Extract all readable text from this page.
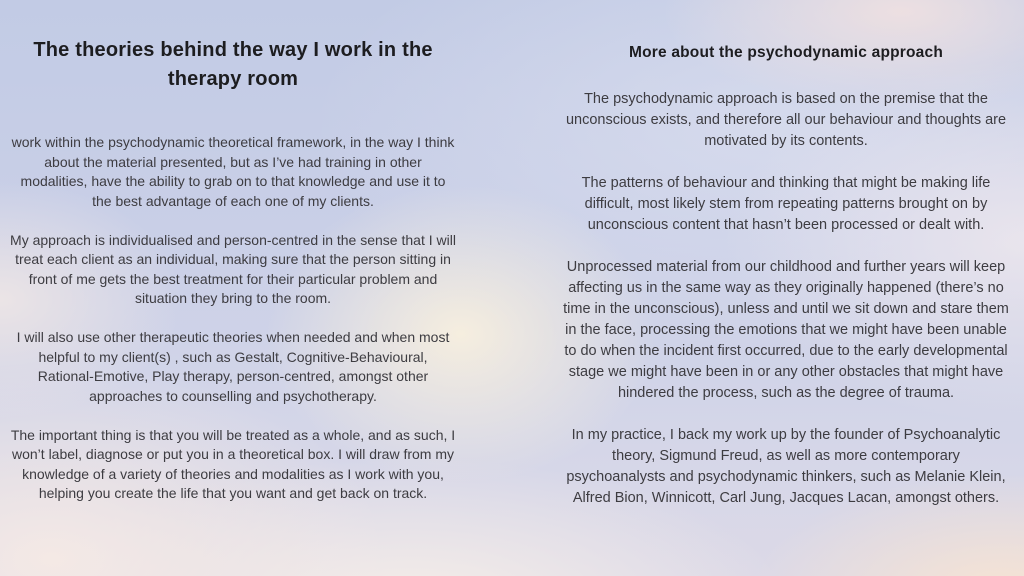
The theories behind the way I work in the therapy room

work within the psychodynamic theoretical framework, in the way I think about the material presented, but as I’ve had training in other modalities, have the ability to grab on to that knowledge and use it to the best advantage of each one of my clients.

My approach is individualised and person-centred in the sense that I will treat each client as an individual, making sure that the person sitting in front of me gets the best treatment for their particular problem and situation they bring to the room.

I will also use other therapeutic theories when needed and when most helpful to my client(s) , such as Gestalt, Cognitive-Behavioural, Rational-Emotive, Play therapy, person-centred, amongst other approaches to counselling and psychotherapy.

The important thing is that you will be treated as a whole, and as such, I won’t label, diagnose or put you in a theoretical box. I will draw from my knowledge of a variety of theories and modalities as I work with you, helping you create the life that you want and get back on track.

More about the psychodynamic approach

The psychodynamic approach is based on the premise that the unconscious exists, and therefore all our behaviour and thoughts are motivated by its contents.

The patterns of behaviour and thinking that might be making life difficult, most likely stem from repeating patterns brought on by unconscious content that hasn’t been processed or dealt with.

Unprocessed material from our childhood and further years will keep affecting us in the same way as they originally happened (there’s no time in the unconscious), unless and until we sit down and stare them in the face, processing the emotions that we might have been unable to do when the incident first occurred, due to the early developmental stage we might have been in or any other obstacles that might have hindered the process, such as the degree of trauma.

In my practice, I back my work up by the founder of Psychoanalytic theory, Sigmund Freud, as well as more contemporary psychoanalysts and psychodynamic thinkers, such as Melanie Klein, Alfred Bion, Winnicott, Carl Jung, Jacques Lacan, amongst others.
